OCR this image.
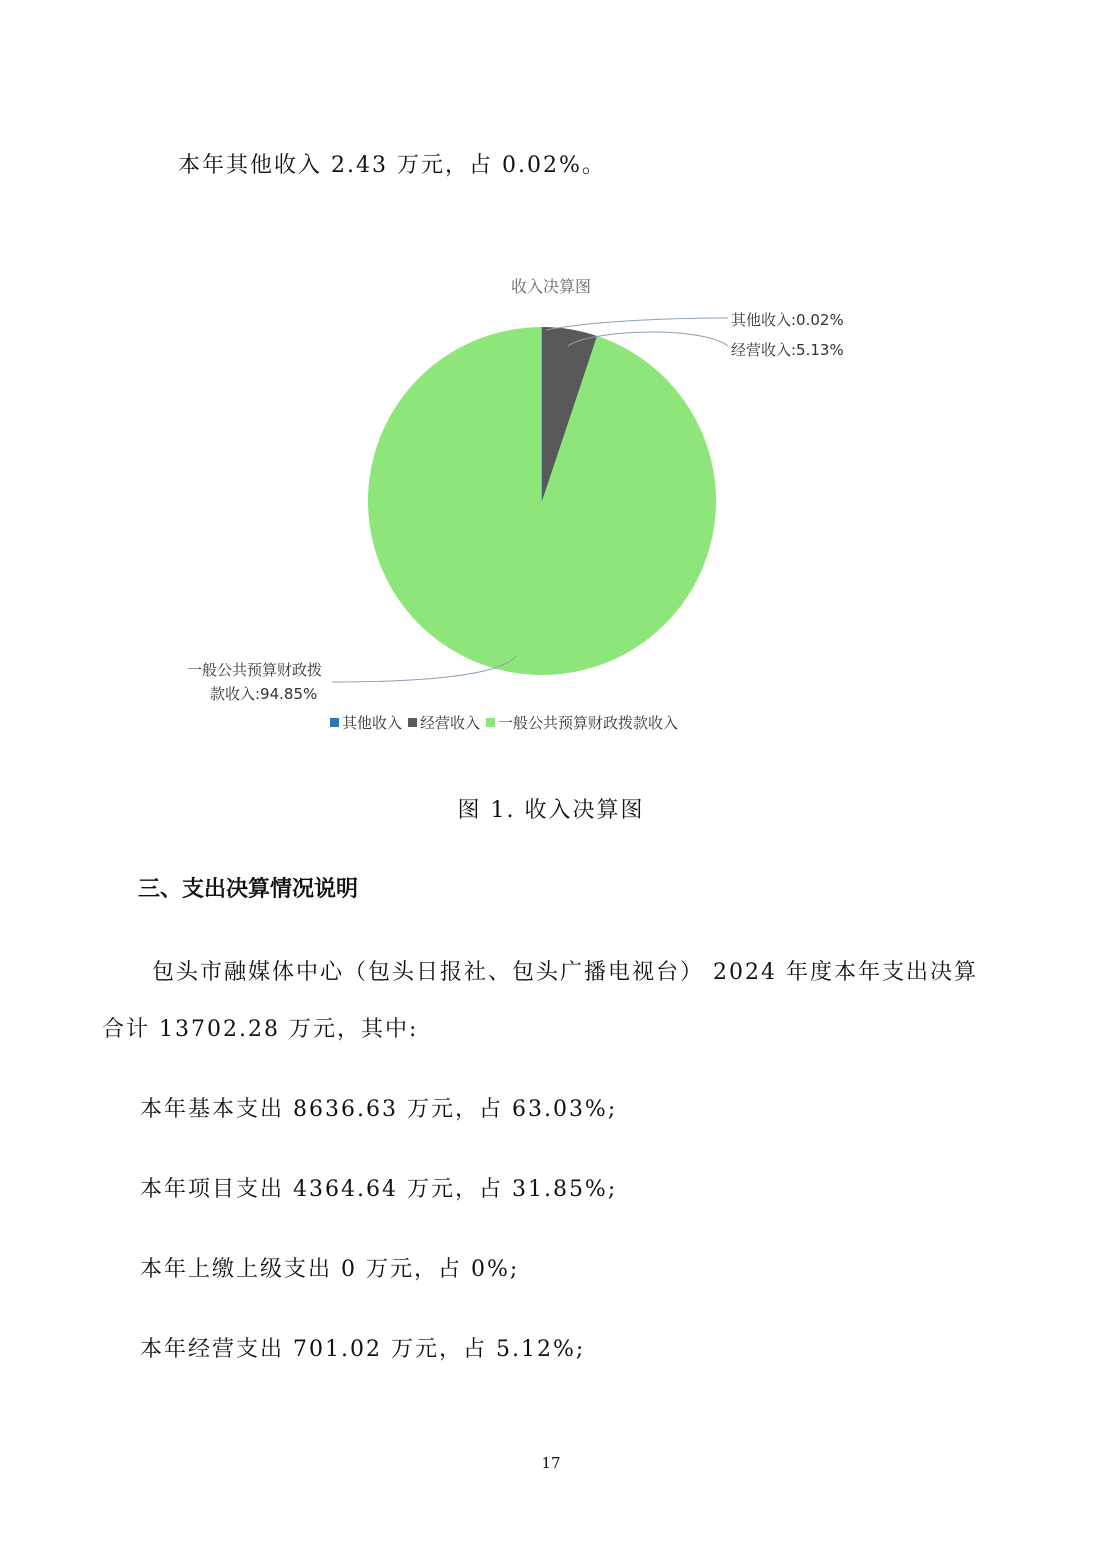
本年其他收入 2.43 万元，占 0.02%。
收入决算图
其他收入:0.02%
经营收入:5.13%
一般公共预算财政拨
款收入:94.85%
其他收入 经营收入 一般公共预算财政拨款收入
图 1. 收入决算图
三、支出决算情况说明
包头市融媒体中心（包头日报社、包头广播电视台） 2024 年度本年支出决算
合计 13702.28 万元，其中:
本年基本支出 8636.63 万元，占 63.03%;
本年项目支出 4364.64 万元，占 31.85%;
本年上缴上级支出 0 万元，占 0%;
本年经营支出 701.02 万元，占 5.12%;
17
